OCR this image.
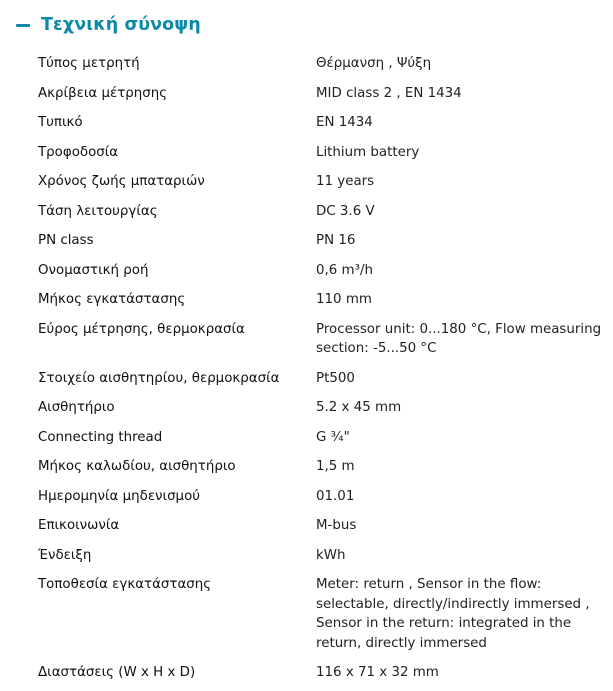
Τεχνική σύνοψη
Τύπος μετρητή	Θέρμανση , Ψύξη
Ακρίβεια μέτρησης	MID class 2 , EN 1434
Τυπικό	EN 1434
Τροφοδοσία	Lithium battery
Χρόνος ζωής μπαταριών	11 years
Τάση λειτουργίας	DC 3.6 V
PN class	PN 16
Ονομαστική ροή	0,6 m³/h
Μήκος εγκατάστασης	110 mm
Εύρος μέτρησης, θερμοκρασία	Processor unit: 0...180 °C, Flow measuring section: -5...50 °C
Στοιχείο αισθητηρίου, θερμοκρασία	Pt500
Αισθητήριο	5.2 x 45 mm
Connecting thread	G ¾"
Μήκος καλωδίου, αισθητήριο	1,5 m
Ημερομηνία μηδενισμού	01.01
Επικοινωνία	M-bus
Ένδειξη	kWh
Τοποθεσία εγκατάστασης	Meter: return , Sensor in the flow: selectable, directly/indirectly immersed , Sensor in the return: integrated in the return, directly immersed
Διαστάσεις (W x H x D)	116 x 71 x 32 mm
